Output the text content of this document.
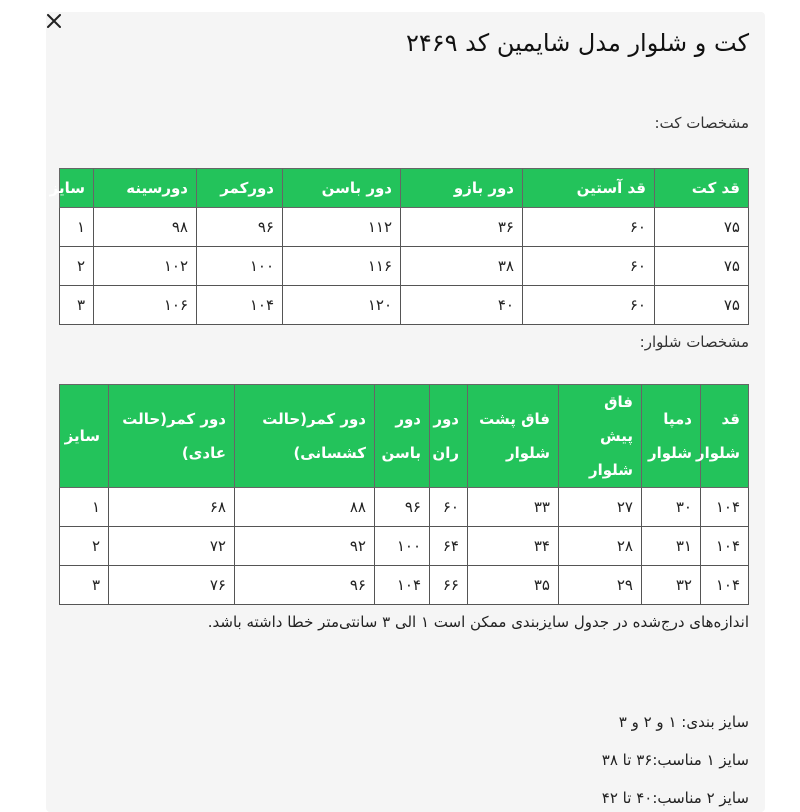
کت و شلوار مدل شایمین کد ۲۴۶۹
مشخصات کت:
قد کت	قد آستین	دور بازو	دور باسن	دورکمر	دورسینه	سایز
۷۵	۶۰	۳۶	۱۱۲	۹۶	۹۸	۱
۷۵	۶۰	۳۸	۱۱۶	۱۰۰	۱۰۲	۲
۷۵	۶۰	۴۰	۱۲۰	۱۰۴	۱۰۶	۳
مشخصات شلوار:
قد شلوار	دمپا شلوار	فاق پیش شلوار	فاق پشت شلوار	دور ران	دور باسن	دور کمر(حالت کشسانی)	دور کمر(حالت عادی)	سایز
۱۰۴	۳۰	۲۷	۳۳	۶۰	۹۶	۸۸	۶۸	۱
۱۰۴	۳۱	۲۸	۳۴	۶۴	۱۰۰	۹۲	۷۲	۲
۱۰۴	۳۲	۲۹	۳۵	۶۶	۱۰۴	۹۶	۷۶	۳
اندازه‌های درج‌شده در جدول سایزبندی ممکن است ۱ الی ۳ سانتی‌متر خطا داشته باشد.
سایز بندی: ۱ و ۲ و ۳
سایز ۱ مناسب:۳۶ تا ۳۸
سایز ۲ مناسب:۴۰ تا ۴۲
